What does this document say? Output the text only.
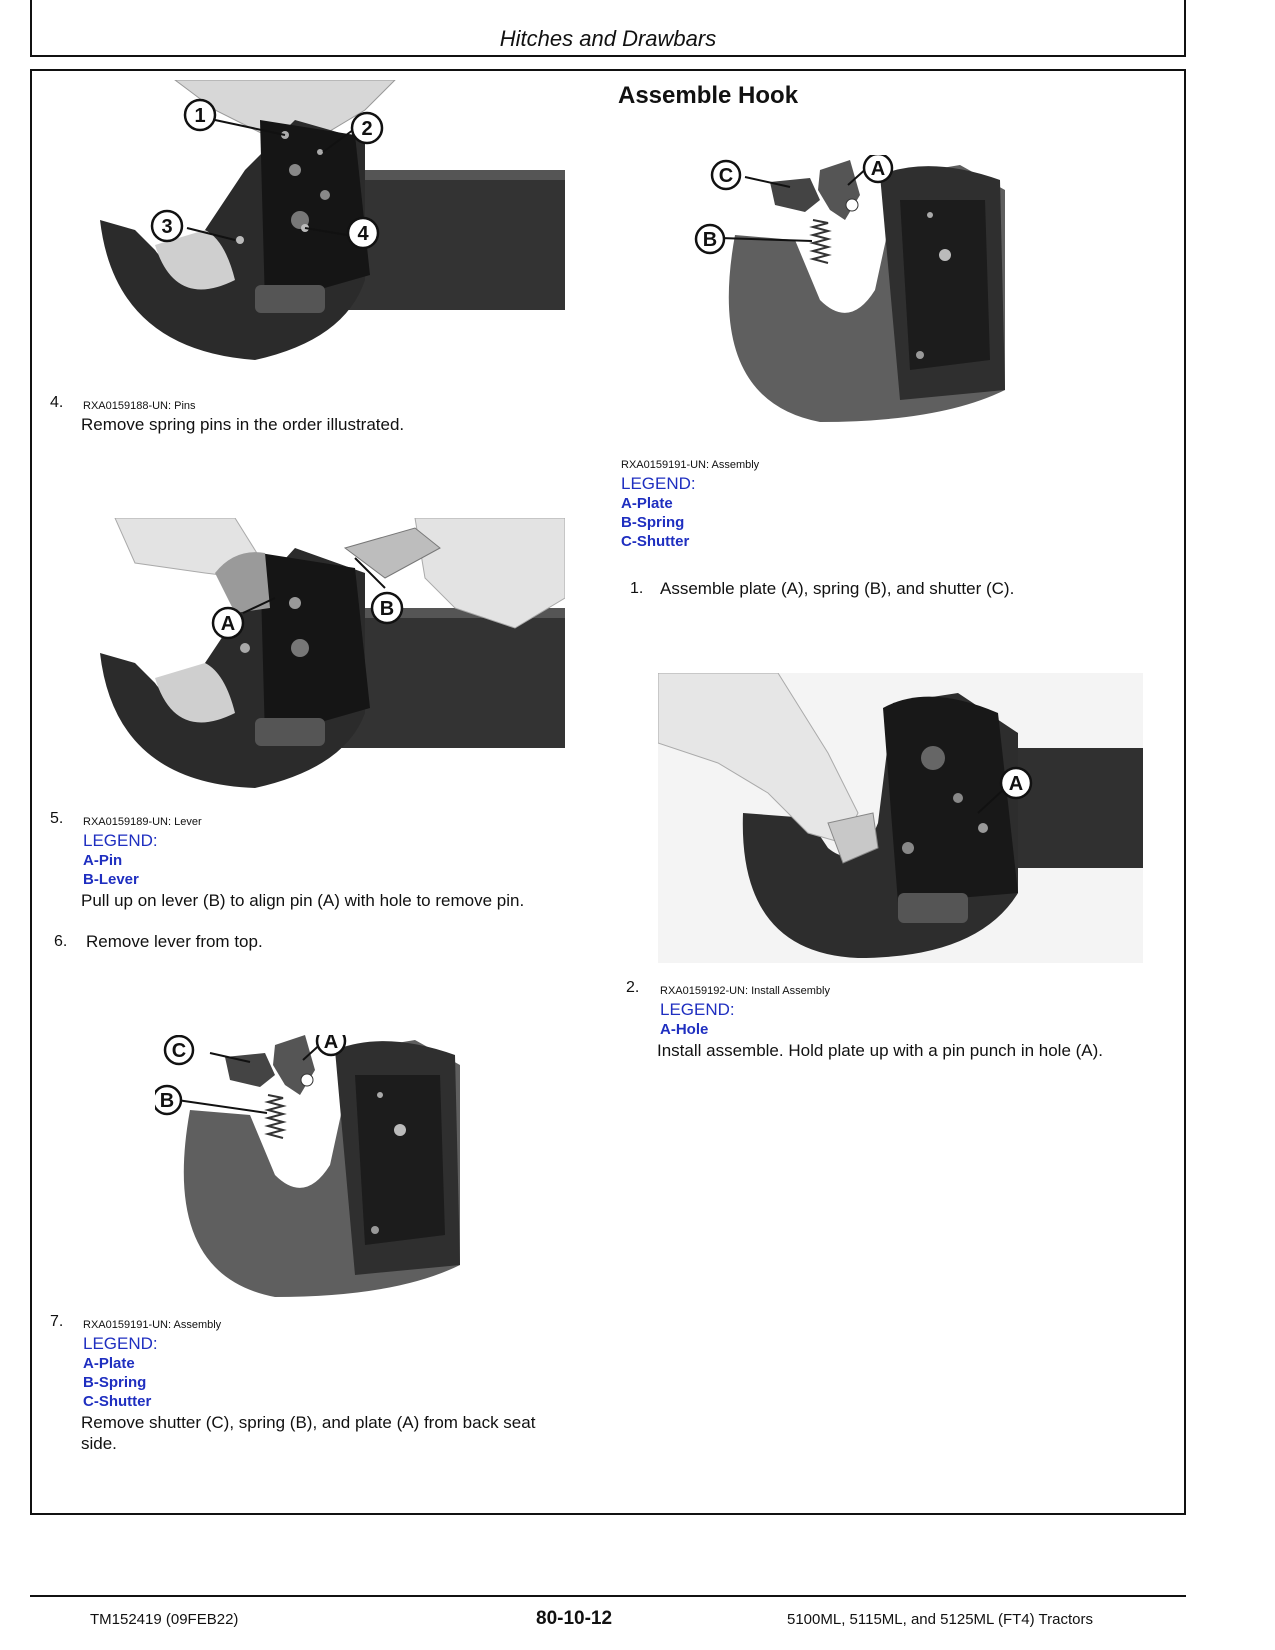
Hitches and Drawbars
1
2
3	4
4. RXA0159188-UN: Pins
Remove spring pins in the order illustrated.
A
B
5. RXA0159189-UN: Lever
LEGEND:
A-Pin
B-Lever
Pull up on lever (B) to align pin (A) with hole to remove pin.
6. Remove lever from top.
C	A
B
7. RXA0159191-UN: Assembly
LEGEND:
A-Plate
B-Spring
C-Shutter
Remove shutter (C), spring (B), and plate (A) from back seat
side.
Assemble Hook
C	A
B
RXA0159191-UN: Assembly
LEGEND:
A-Plate
B-Spring
C-Shutter
1. Assemble plate (A), spring (B), and shutter (C).
A
2. RXA0159192-UN: Install Assembly
LEGEND:
A-Hole
Install assemble. Hold plate up with a pin punch in hole (A).
TM152419 (09FEB22)	80-10-12	5100ML, 5115ML, and 5125ML (FT4) Tractors
